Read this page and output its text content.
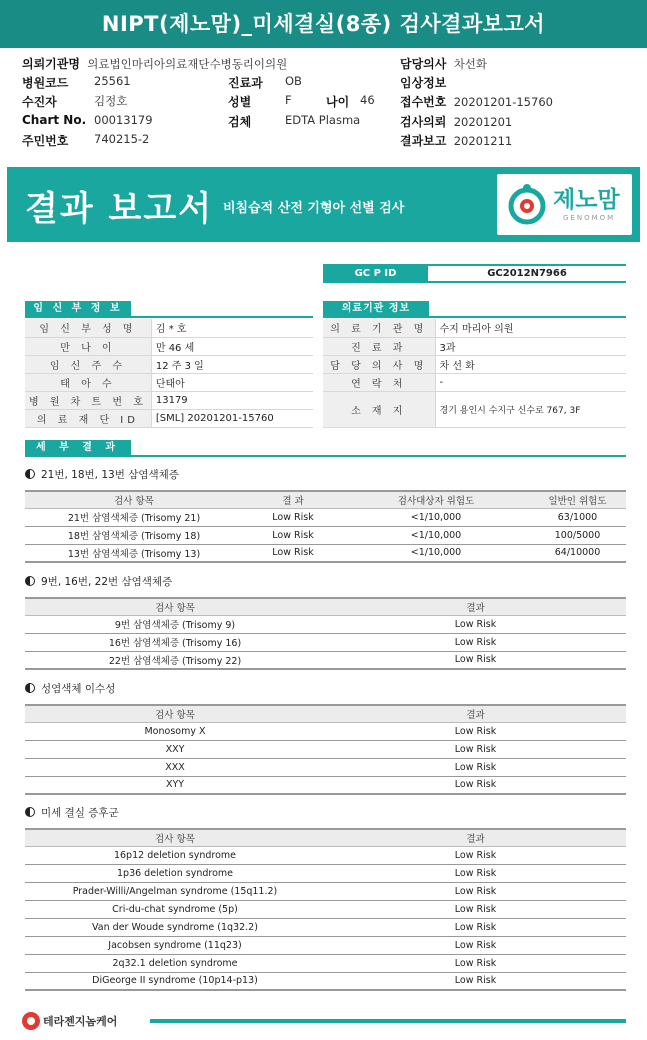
NIPT(제노맘)_미세결실(8종) 검사결과보고서
의뢰기관명 의료법인마리아의료재단수병동리이의원
병원코드 25561
수진자	김정호
Chart No. 00013179
주민번호 740215-2
진료과 OB
성별	F	나이 46
검체	EDTA Plasma
담당의사 차선화
임상정보
접수번호 20201201-15760
검사의뢰 20201201
결과보고 20201211
결과 보고서 비침습적 산전 기형아 선별 검사	제노맘
GENOMOM
GC P ID	GC2012N7966
임 신 부 정 보
임 신 부 성 명	김 * 호
만 나 이	만 46 세
임 신 주 수	12 주 3 일
태 아 수	단태아
병 원 차 트 번 호	13179
의 료 재 단 ID	[SML] 20201201-15760
의료기관 정보
의 료 기 관 명	수지 마리아 의원
진 료 과	3과
담 당 의 사 명	차 선 화
연 락 처	-
소 재 지	경기 용인시 수지구 신수로 767, 3F
세 부 결 과
21번, 18번, 13번 삼염색체증
검사 항목	결 과	검사대상자 위험도	일반인 위험도
21번 삼염색체증 (Trisomy 21)	Low Risk	<1/10,000	63/1000
18번 삼염색체증 (Trisomy 18)	Low Risk	<1/10,000	100/5000
13번 삼염색체증 (Trisomy 13)	Low Risk	<1/10,000	64/10000
9번, 16번, 22번 삼염색체증
검사 항목	결과
9번 삼염색체증 (Trisomy 9)	Low Risk
16번 삼염색체증 (Trisomy 16)	Low Risk
22번 삼염색체증 (Trisomy 22)	Low Risk
성염색체 이수성
검사 항목	결과
Monosomy X	Low Risk
XXY	Low Risk
XXX	Low Risk
XYY	Low Risk
미세 결실 증후군
검사 항목	결과
16p12 deletion syndrome	Low Risk
1p36 deletion syndrome	Low Risk
Prader-Willi/Angelman syndrome (15q11.2)	Low Risk
Cri-du-chat syndrome (5p)	Low Risk
Van der Woude syndrome (1q32.2)	Low Risk
Jacobsen syndrome (11q23)	Low Risk
2q32.1 deletion syndrome	Low Risk
DiGeorge II syndrome (10p14-p13)	Low Risk
테라젠지놈케어
